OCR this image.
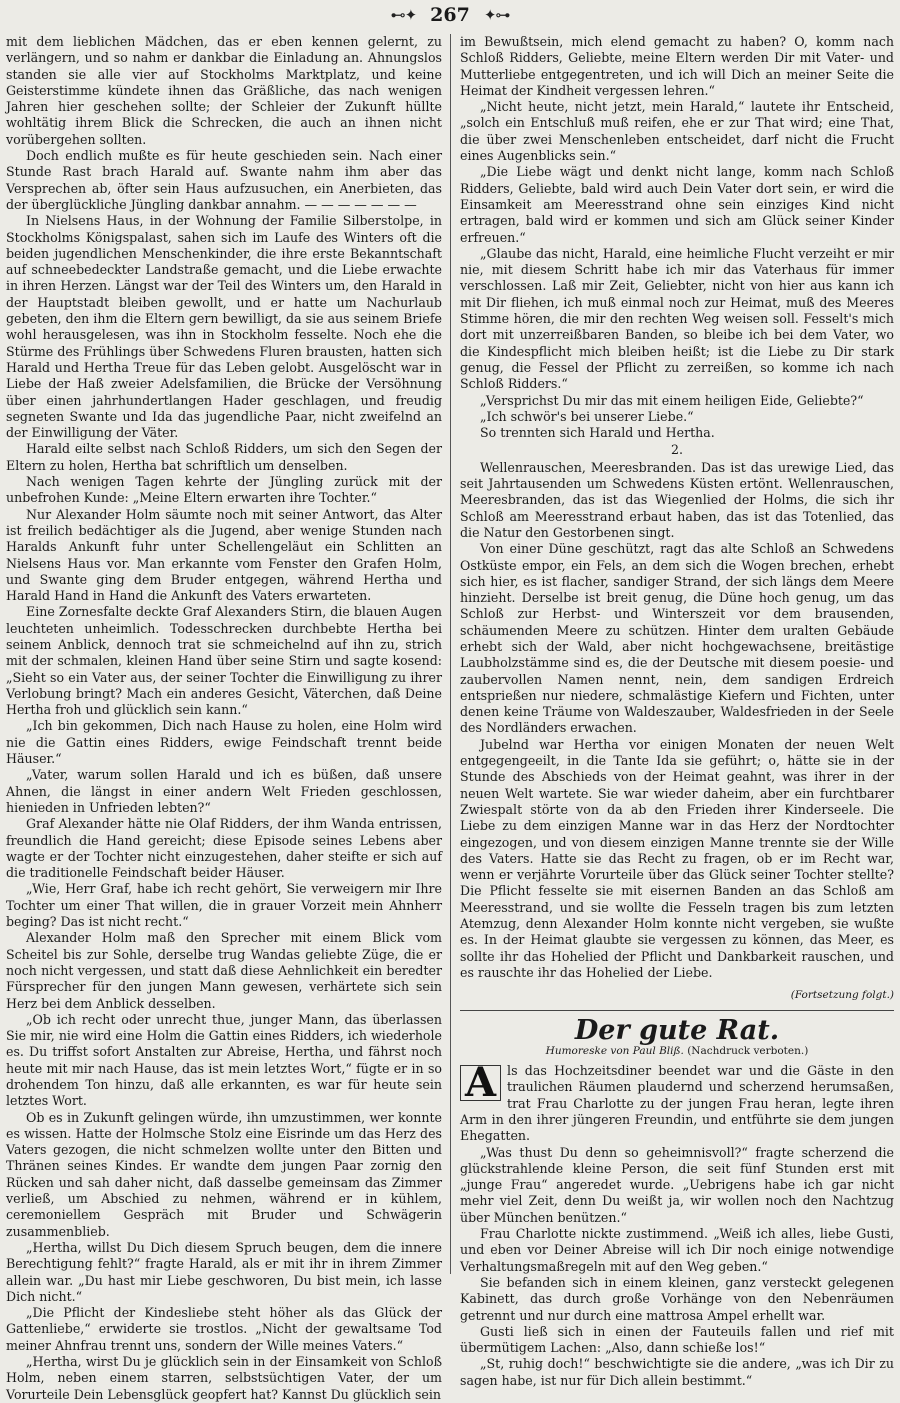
⊷✦ 267 ✦⊶

mit dem lieblichen Mädchen, das er eben kennen gelernt, zu verlängern, und so nahm er dankbar die Einladung an. Ahnungslos standen sie alle vier auf Stockholms Marktplatz, und keine Geisterstimme kündete ihnen das Gräßliche, das nach wenigen Jahren hier geschehen sollte; der Schleier der Zukunft hüllte wohltätig ihrem Blick die Schrecken, die auch an ihnen nicht vorübergehen sollten.

Doch endlich mußte es für heute geschieden sein. Nach einer Stunde Rast brach Harald auf. Swante nahm ihm aber das Versprechen ab, öfter sein Haus aufzusuchen, ein Anerbieten, das der überglückliche Jüngling dankbar annahm. — — — — — — —

In Nielsens Haus, in der Wohnung der Familie Silberstolpe, in Stockholms Königspalast, sahen sich im Laufe des Winters oft die beiden jugendlichen Menschenkinder, die ihre erste Bekanntschaft auf schneebedeckter Landstraße gemacht, und die Liebe erwachte in ihren Herzen. Längst war der Teil des Winters um, den Harald in der Hauptstadt bleiben gewollt, und er hatte um Nachurlaub gebeten, den ihm die Eltern gern bewilligt, da sie aus seinem Briefe wohl herausgelesen, was ihn in Stockholm fesselte. Noch ehe die Stürme des Frühlings über Schwedens Fluren brausten, hatten sich Harald und Hertha Treue für das Leben gelobt. Ausgelöscht war in Liebe der Haß zweier Adelsfamilien, die Brücke der Versöhnung über einen jahrhundertlangen Hader geschlagen, und freudig segneten Swante und Ida das jugendliche Paar, nicht zweifelnd an der Einwilligung der Väter.

Harald eilte selbst nach Schloß Ridders, um sich den Segen der Eltern zu holen, Hertha bat schriftlich um denselben.

Nach wenigen Tagen kehrte der Jüngling zurück mit der unbefrohen Kunde: „Meine Eltern erwarten ihre Tochter.“

Nur Alexander Holm säumte noch mit seiner Antwort, das Alter ist freilich bedächtiger als die Jugend, aber wenige Stunden nach Haralds Ankunft fuhr unter Schellengeläut ein Schlitten an Nielsens Haus vor. Man erkannte vom Fenster den Grafen Holm, und Swante ging dem Bruder entgegen, während Hertha und Harald Hand in Hand die Ankunft des Vaters erwarteten.

Eine Zornesfalte deckte Graf Alexanders Stirn, die blauen Augen leuchteten unheimlich. Todesschrecken durchbebte Hertha bei seinem Anblick, dennoch trat sie schmeichelnd auf ihn zu, strich mit der schmalen, kleinen Hand über seine Stirn und sagte kosend: „Sieht so ein Vater aus, der seiner Tochter die Einwilligung zu ihrer Verlobung bringt? Mach ein anderes Gesicht, Väterchen, daß Deine Hertha froh und glücklich sein kann.“

„Ich bin gekommen, Dich nach Hause zu holen, eine Holm wird nie die Gattin eines Ridders, ewige Feindschaft trennt beide Häuser.“

„Vater, warum sollen Harald und ich es büßen, daß unsere Ahnen, die längst in einer andern Welt Frieden geschlossen, hienieden in Unfrieden lebten?“

Graf Alexander hätte nie Olaf Ridders, der ihm Wanda entrissen, freundlich die Hand gereicht; diese Episode seines Lebens aber wagte er der Tochter nicht einzugestehen, daher steifte er sich auf die traditionelle Feindschaft beider Häuser.

„Wie, Herr Graf, habe ich recht gehört, Sie verweigern mir Ihre Tochter um einer That willen, die in grauer Vorzeit mein Ahnherr beging? Das ist nicht recht.“

Alexander Holm maß den Sprecher mit einem Blick vom Scheitel bis zur Sohle, derselbe trug Wandas geliebte Züge, die er noch nicht vergessen, und statt daß diese Aehnlichkeit ein beredter Fürsprecher für den jungen Mann gewesen, verhärtete sich sein Herz bei dem Anblick desselben.

„Ob ich recht oder unrecht thue, junger Mann, das überlassen Sie mir, nie wird eine Holm die Gattin eines Ridders, ich wiederhole es. Du triffst sofort Anstalten zur Abreise, Hertha, und fährst noch heute mit mir nach Hause, das ist mein letztes Wort,“ fügte er in so drohendem Ton hinzu, daß alle erkannten, es war für heute sein letztes Wort.

Ob es in Zukunft gelingen würde, ihn umzustimmen, wer konnte es wissen. Hatte der Holmsche Stolz eine Eisrinde um das Herz des Vaters gezogen, die nicht schmelzen wollte unter den Bitten und Thränen seines Kindes. Er wandte dem jungen Paar zornig den Rücken und sah daher nicht, daß dasselbe gemeinsam das Zimmer verließ, um Abschied zu nehmen, während er in kühlem, ceremoniellem Gespräch mit Bruder und Schwägerin zusammenblieb.

„Hertha, willst Du Dich diesem Spruch beugen, dem die innere Berechtigung fehlt?“ fragte Harald, als er mit ihr in ihrem Zimmer allein war. „Du hast mir Liebe geschworen, Du bist mein, ich lasse Dich nicht.“

„Die Pflicht der Kindesliebe steht höher als das Glück der Gattenliebe,“ erwiderte sie trostlos. „Nicht der gewaltsame Tod meiner Ahnfrau trennt uns, sondern der Wille meines Vaters.“

„Hertha, wirst Du je glücklich sein in der Einsamkeit von Schloß Holm, neben einem starren, selbstsüchtigen Vater, der um Vorurteile Dein Lebensglück geopfert hat? Kannst Du glücklich sein

im Bewußtsein, mich elend gemacht zu haben? O, komm nach Schloß Ridders, Geliebte, meine Eltern werden Dir mit Vater- und Mutterliebe entgegentreten, und ich will Dich an meiner Seite die Heimat der Kindheit vergessen lehren.“

„Nicht heute, nicht jetzt, mein Harald,“ lautete ihr Entscheid, „solch ein Entschluß muß reifen, ehe er zur That wird; eine That, die über zwei Menschenleben entscheidet, darf nicht die Frucht eines Augenblicks sein.“

„Die Liebe wägt und denkt nicht lange, komm nach Schloß Ridders, Geliebte, bald wird auch Dein Vater dort sein, er wird die Einsamkeit am Meeresstrand ohne sein einziges Kind nicht ertragen, bald wird er kommen und sich am Glück seiner Kinder erfreuen.“

„Glaube das nicht, Harald, eine heimliche Flucht verzeiht er mir nie, mit diesem Schritt habe ich mir das Vaterhaus für immer verschlossen. Laß mir Zeit, Geliebter, nicht von hier aus kann ich mit Dir fliehen, ich muß einmal noch zur Heimat, muß des Meeres Stimme hören, die mir den rechten Weg weisen soll. Fesselt's mich dort mit unzerreißbaren Banden, so bleibe ich bei dem Vater, wo die Kindespflicht mich bleiben heißt; ist die Liebe zu Dir stark genug, die Fessel der Pflicht zu zerreißen, so komme ich nach Schloß Ridders.“

„Versprichst Du mir das mit einem heiligen Eide, Geliebte?“

„Ich schwör's bei unserer Liebe.“

So trennten sich Harald und Hertha.

2.

Wellenrauschen, Meeresbranden. Das ist das urewige Lied, das seit Jahrtausenden um Schwedens Küsten ertönt. Wellenrauschen, Meeresbranden, das ist das Wiegenlied der Holms, die sich ihr Schloß am Meeresstrand erbaut haben, das ist das Totenlied, das die Natur den Gestorbenen singt.

Von einer Düne geschützt, ragt das alte Schloß an Schwedens Ostküste empor, ein Fels, an dem sich die Wogen brechen, erhebt sich hier, es ist flacher, sandiger Strand, der sich längs dem Meere hinzieht. Derselbe ist breit genug, die Düne hoch genug, um das Schloß zur Herbst- und Winterszeit vor dem brausenden, schäumenden Meere zu schützen. Hinter dem uralten Gebäude erhebt sich der Wald, aber nicht hochgewachsene, breitästige Laubholzstämme sind es, die der Deutsche mit diesem poesie- und zaubervollen Namen nennt, nein, dem sandigen Erdreich entsprießen nur niedere, schmalästige Kiefern und Fichten, unter denen keine Träume von Waldeszauber, Waldesfrieden in der Seele des Nordländers erwachen.

Jubelnd war Hertha vor einigen Monaten der neuen Welt entgegengeeilt, in die Tante Ida sie geführt; o, hätte sie in der Stunde des Abschieds von der Heimat geahnt, was ihrer in der neuen Welt wartete. Sie war wieder daheim, aber ein furchtbarer Zwiespalt störte von da ab den Frieden ihrer Kinderseele. Die Liebe zu dem einzigen Manne war in das Herz der Nordtochter eingezogen, und von diesem einzigen Manne trennte sie der Wille des Vaters. Hatte sie das Recht zu fragen, ob er im Recht war, wenn er verjährte Vorurteile über das Glück seiner Tochter stellte? Die Pflicht fesselte sie mit eisernen Banden an das Schloß am Meeresstrand, und sie wollte die Fesseln tragen bis zum letzten Atemzug, denn Alexander Holm konnte nicht vergeben, sie wußte es. In der Heimat glaubte sie vergessen zu können, das Meer, es sollte ihr das Hohelied der Pflicht und Dankbarkeit rauschen, und es rauschte ihr das Hohelied der Liebe.

(Fortsetzung folgt.)
Der gute Rat.
Humoreske von Paul Bliß. (Nachdruck verboten.)

A ls das Hochzeitsdiner beendet war und die Gäste in den traulichen Räumen plaudernd und scherzend herumsaßen, trat Frau Charlotte zu der jungen Frau heran, legte ihren Arm in den ihrer jüngeren Freundin, und entführte sie dem jungen Ehegatten.

„Was thust Du denn so geheimnisvoll?“ fragte scherzend die glückstrahlende kleine Person, die seit fünf Stunden erst mit „junge Frau“ angeredet wurde. „Uebrigens habe ich gar nicht mehr viel Zeit, denn Du weißt ja, wir wollen noch den Nachtzug über München benützen.“

Frau Charlotte nickte zustimmend. „Weiß ich alles, liebe Gusti, und eben vor Deiner Abreise will ich Dir noch einige notwendige Verhaltungsmaßregeln mit auf den Weg geben.“

Sie befanden sich in einem kleinen, ganz versteckt gelegenen Kabinett, das durch große Vorhänge von den Nebenräumen getrennt und nur durch eine mattrosa Ampel erhellt war.

Gusti ließ sich in einen der Fauteuils fallen und rief mit übermütigem Lachen: „Also, dann schieße los!“

„St, ruhig doch!“ beschwichtigte sie die andere, „was ich Dir zu sagen habe, ist nur für Dich allein bestimmt.“
